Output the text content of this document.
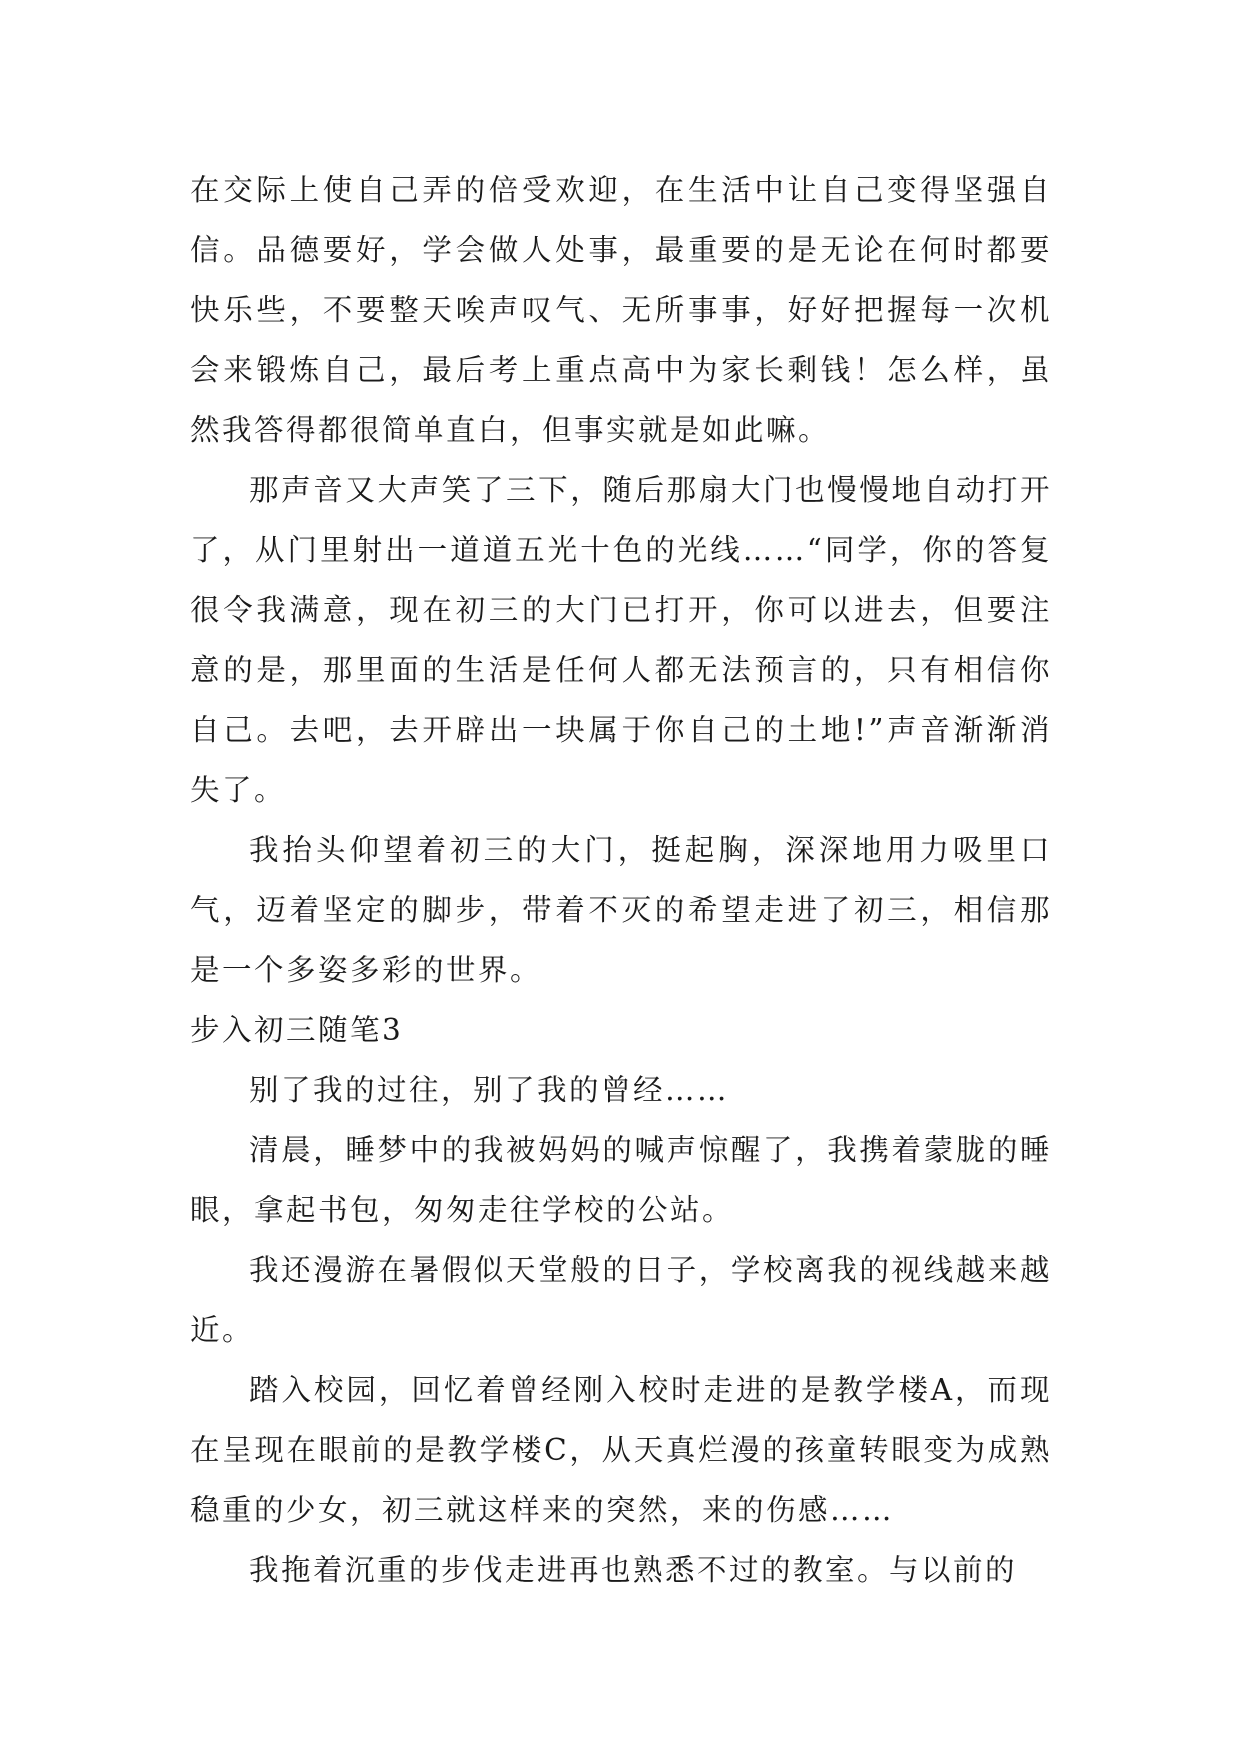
在交际上使自己弄的倍受欢迎，在生活中让自己变得坚强自信。品德要好，学会做人处事，最重要的是无论在何时都要快乐些，不要整天唉声叹气、无所事事，好好把握每一次机会来锻炼自己，最后考上重点高中为家长剩钱！怎么样，虽然我答得都很简单直白，但事实就是如此嘛。

那声音又大声笑了三下，随后那扇大门也慢慢地自动打开了，从门里射出一道道五光十色的光线……“同学，你的答复很令我满意，现在初三的大门已打开，你可以进去，但要注意的是，那里面的生活是任何人都无法预言的，只有相信你自己。去吧，去开辟出一块属于你自己的土地!”声音渐渐消失了。

我抬头仰望着初三的大门，挺起胸，深深地用力吸里口气，迈着坚定的脚步，带着不灭的希望走进了初三，相信那是一个多姿多彩的世界。

步入初三随笔3

别了我的过往，别了我的曾经……

清晨，睡梦中的我被妈妈的喊声惊醒了，我携着蒙胧的睡眼，拿起书包，匆匆走往学校的公站。

我还漫游在暑假似天堂般的日子，学校离我的视线越来越近。

踏入校园，回忆着曾经刚入校时走进的是教学楼A，而现在呈现在眼前的是教学楼C，从天真烂漫的孩童转眼变为成熟稳重的少女，初三就这样来的突然，来的伤感……

我拖着沉重的步伐走进再也熟悉不过的教室。与以前的
